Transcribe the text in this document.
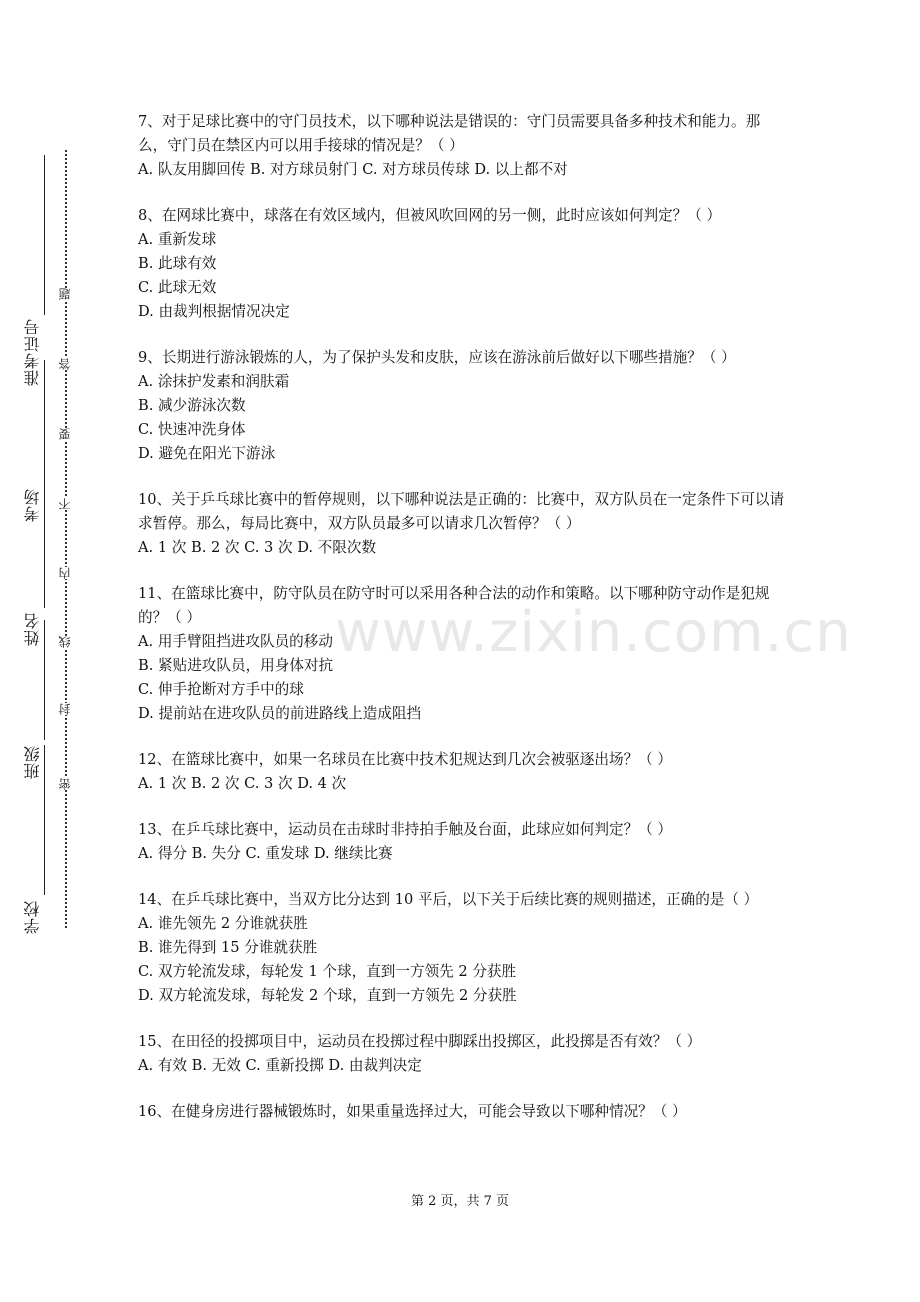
学校
班级
姓名
考场
准考证号
密
封
线
内
不
要
答
题
www.zixin.com.cn

7、对于足球比赛中的守门员技术，以下哪种说法是错误的：守门员需要具备多种技术和能力。那么，守门员在禁区内可以用手接球的情况是？（ ）

A. 队友用脚回传 B. 对方球员射门 C. 对方球员传球 D. 以上都不对

8、在网球比赛中，球落在有效区域内，但被风吹回网的另一侧，此时应该如何判定？（ ）

A. 重新发球

B. 此球有效

C. 此球无效

D. 由裁判根据情况决定

9、长期进行游泳锻炼的人，为了保护头发和皮肤，应该在游泳前后做好以下哪些措施？（ ）

A. 涂抹护发素和润肤霜

B. 减少游泳次数

C. 快速冲洗身体

D. 避免在阳光下游泳

10、关于乒乓球比赛中的暂停规则，以下哪种说法是正确的：比赛中，双方队员在一定条件下可以请求暂停。那么，每局比赛中，双方队员最多可以请求几次暂停？（ ）

A. 1 次 B. 2 次 C. 3 次 D. 不限次数

11、在篮球比赛中，防守队员在防守时可以采用各种合法的动作和策略。以下哪种防守动作是犯规的？（ ）

A. 用手臂阻挡进攻队员的移动

B. 紧贴进攻队员，用身体对抗

C. 伸手抢断对方手中的球

D. 提前站在进攻队员的前进路线上造成阻挡

12、在篮球比赛中，如果一名球员在比赛中技术犯规达到几次会被驱逐出场？（ ）

A. 1 次 B. 2 次 C. 3 次 D. 4 次

13、在乒乓球比赛中，运动员在击球时非持拍手触及台面，此球应如何判定？（ ）

A. 得分 B. 失分 C. 重发球 D. 继续比赛

14、在乒乓球比赛中，当双方比分达到 10 平后，以下关于后续比赛的规则描述，正确的是（ ）

A. 谁先领先 2 分谁就获胜

B. 谁先得到 15 分谁就获胜

C. 双方轮流发球，每轮发 1 个球，直到一方领先 2 分获胜

D. 双方轮流发球，每轮发 2 个球，直到一方领先 2 分获胜

15、在田径的投掷项目中，运动员在投掷过程中脚踩出投掷区，此投掷是否有效？（ ）

A. 有效 B. 无效 C. 重新投掷 D. 由裁判决定

16、在健身房进行器械锻炼时，如果重量选择过大，可能会导致以下哪种情况？（ ）

第 2 页，共 7 页
